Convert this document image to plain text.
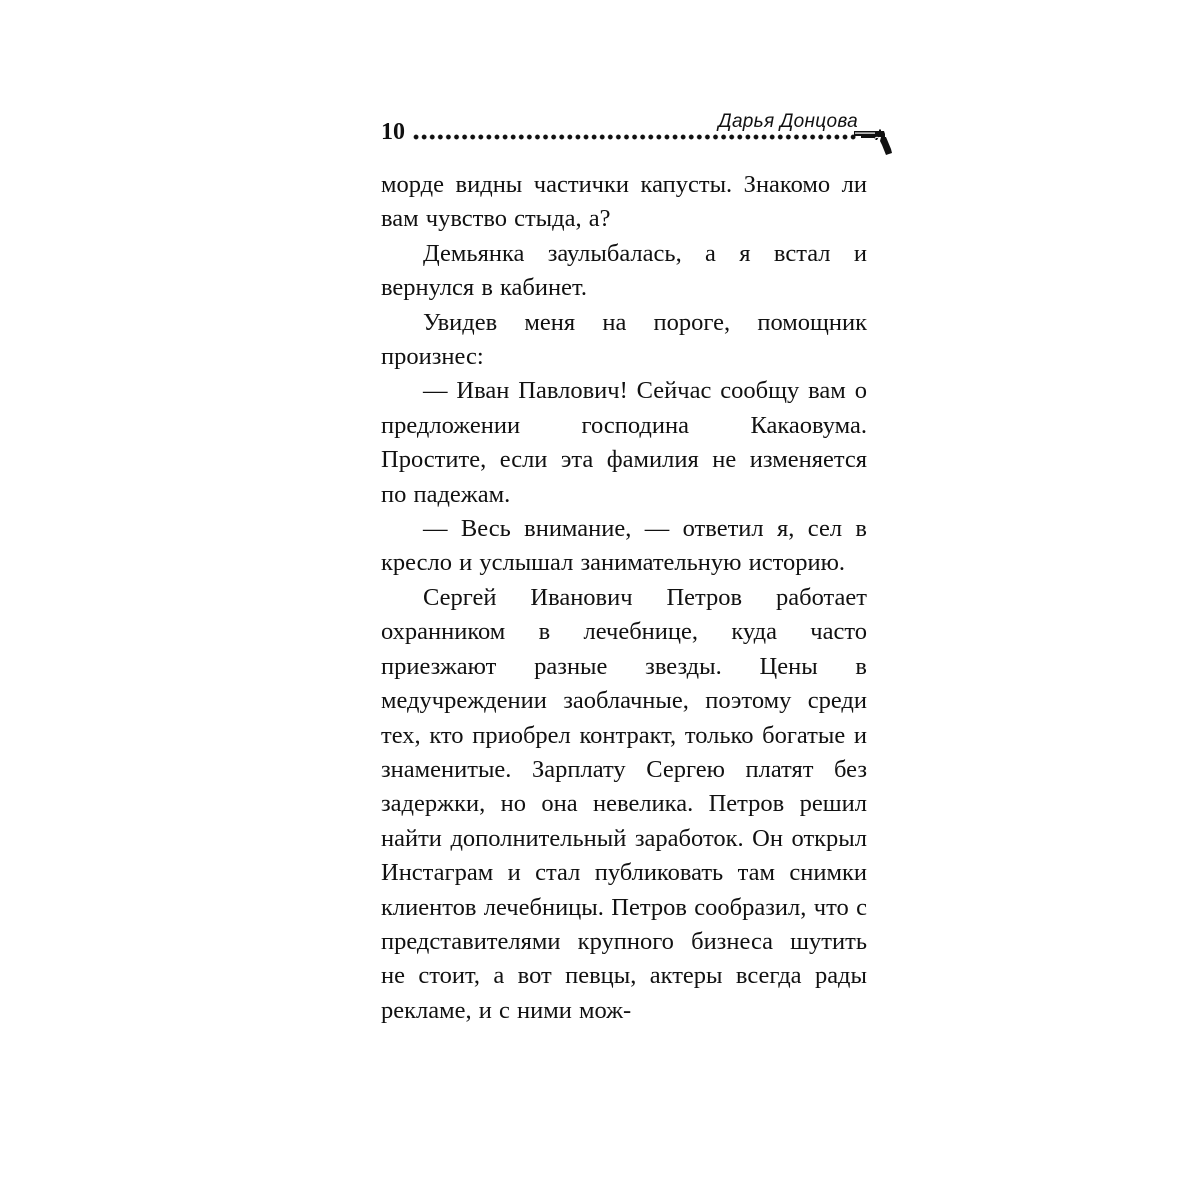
Дарья Донцова
10

морде видны частички капусты. Знакомо ли вам чувство стыда, а?

Демьянка заулыбалась, а я встал и вернулся в кабинет.

Увидев меня на пороге, помощник произнес:

— Иван Павлович! Сейчас сообщу вам о предложении господина Какаовума. Простите, если эта фамилия не изменяется по падежам.

— Весь внимание, — ответил я, сел в кресло и услышал занимательную историю.

Сергей Иванович Петров работает охранником в лечебнице, куда часто приезжают разные звезды. Цены в медучреждении заоблачные, поэтому среди тех, кто приобрел контракт, только богатые и знаменитые. Зарплату Сергею платят без задержки, но она невелика. Петров решил найти дополнительный заработок. Он открыл Инстаграм и стал публиковать там снимки клиентов лечебницы. Петров сообразил, что с представителями крупного бизнеса шутить не стоит, а вот певцы, актеры всегда рады рекламе, и с ними мож-
